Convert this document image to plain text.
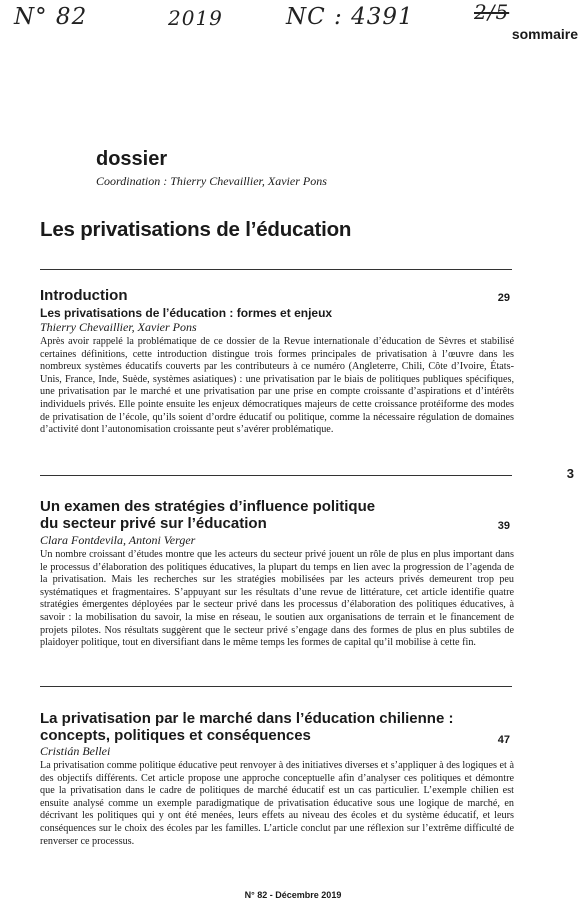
N° 82	2019	NC : 4391	2/5
sommaire
dossier
Coordination : Thierry Chevaillier, Xavier Pons
Les privatisations de l’éducation
Introduction	29
Les privatisations de l’éducation : formes et enjeux
Thierry Chevaillier, Xavier Pons

Après avoir rappelé la problématique de ce dossier de la Revue internationale d’éducation de Sèvres et stabilisé certaines définitions, cette introduction distingue trois formes principales de privatisation à l’œuvre dans les nombreux systèmes éducatifs couverts par les contributeurs à ce numéro (Angleterre, Chili, Côte d’Ivoire, États-Unis, France, Inde, Suède, systèmes asiatiques) : une privatisation par le biais de politiques publiques spécifiques, une privatisation par le marché et une privatisation par une prise en compte croissante d’aspirations et d’intérêts individuels privés. Elle pointe ensuite les enjeux démocratiques majeurs de cette croissance protéiforme des modes de privatisation de l’école, qu’ils soient d’ordre éducatif ou politique, comme la nécessaire régulation de domaines d’activité dont l’autonomisation croissante peut s’avérer problématique.

3
Un examen des stratégies d’influence politique
du secteur privé sur l’éducation	39
Clara Fontdevila, Antoni Verger

Un nombre croissant d’études montre que les acteurs du secteur privé jouent un rôle de plus en plus important dans le processus d’élaboration des politiques éducatives, la plupart du temps en lien avec la progression de l’agenda de la privatisation. Mais les recherches sur les stratégies mobilisées par les acteurs privés demeurent trop peu systématiques et fragmentaires. S’appuyant sur les résultats d’une revue de littérature, cet article identifie quatre stratégies émergentes déployées par le secteur privé dans les processus d’élaboration des politiques éducatives, à savoir : la mobilisation du savoir, la mise en réseau, le soutien aux organisations de terrain et le financement de projets pilotes. Nos résultats suggèrent que le secteur privé s’engage dans des formes de plus en plus subtiles de plaidoyer politique, tout en diversifiant dans le même temps les formes de capital qu’il mobilise à cette fin.

La privatisation par le marché dans l’éducation chilienne :
concepts, politiques et conséquences	47
Cristián Bellei

La privatisation comme politique éducative peut renvoyer à des initiatives diverses et s’appliquer à des logiques et à des objectifs différents. Cet article propose une approche conceptuelle afin d’analyser ces politiques et démontre que la privatisation dans le cadre de politiques de marché éducatif est un cas particulier. L’exemple chilien est ensuite analysé comme un exemple paradigmatique de privatisation éducative sous une logique de marché, en décrivant les politiques qui y ont été menées, leurs effets au niveau des écoles et du système éducatif, et leurs conséquences sur le choix des écoles par les familles. L’article conclut par une réflexion sur l’extrême difficulté de renverser ce processus.

N° 82 - Décembre 2019
